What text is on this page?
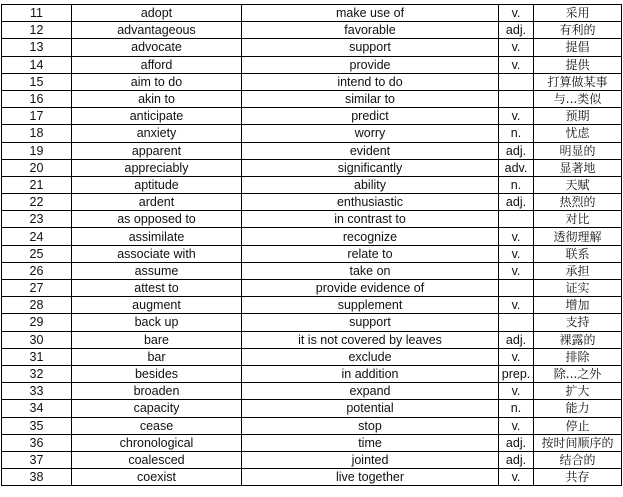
11	adopt	make use of	v.	采用
12	advantageous	favorable	adj.	有利的
13	advocate	support	v.	提倡
14	afford	provide	v.	提供
15	aim to do	intend to do		打算做某事
16	akin to	similar to		与...类似
17	anticipate	predict	v.	预期
18	anxiety	worry	n.	忧虑
19	apparent	evident	adj.	明显的
20	appreciably	significantly	adv.	显著地
21	aptitude	ability	n.	天赋
22	ardent	enthusiastic	adj.	热烈的
23	as opposed to	in contrast to		对比
24	assimilate	recognize	v.	透彻理解
25	associate with	relate to	v.	联系
26	assume	take on	v.	承担
27	attest to	provide evidence of		证实
28	augment	supplement	v.	增加
29	back up	support		支持
30	bare	it is not covered by leaves	adj.	裸露的
31	bar	exclude	v.	排除
32	besides	in addition	prep.	除...之外
33	broaden	expand	v.	扩大
34	capacity	potential	n.	能力
35	cease	stop	v.	停止
36	chronological	time	adj.	按时间顺序的
37	coalesced	jointed	adj.	结合的
38	coexist	live together	v.	共存
